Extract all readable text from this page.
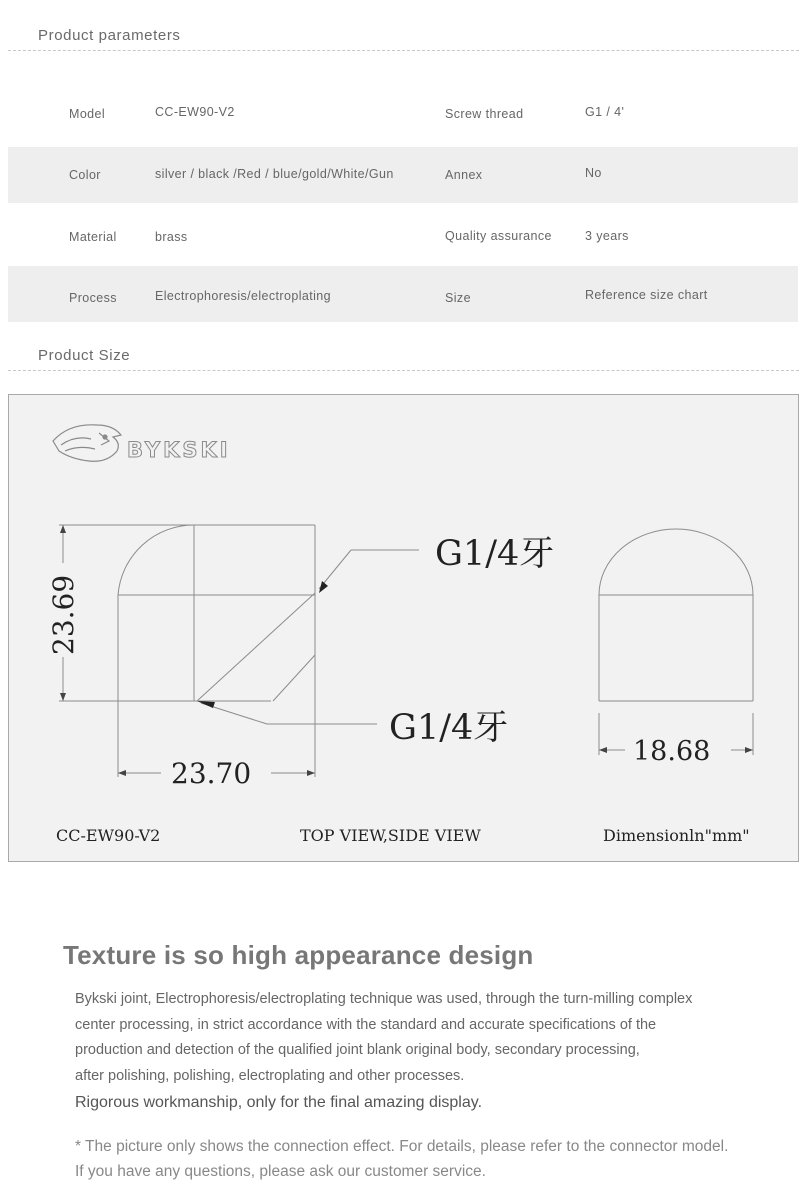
Product parameters
Model	CC-EW90-V2	Screw thread	G1 / 4'
Color	silver / black /Red / blue/gold/White/Gun	Annex	No
Material	brass	Quality assurance	3 years
Process	Electrophoresis/electroplating	Size	Reference size chart
Product Size
BYKSKI
23.69
23.70
G1/4牙
G1/4牙
18.68
CC-EW90-V2	TOP VIEW,SIDE VIEW	Dimensionln"mm"
Texture is so high appearance design

Bykski joint, Electrophoresis/electroplating technique was used, through the turn-milling complex

center processing, in strict accordance with the standard and accurate specifications of the

production and detection of the qualified joint blank original body, secondary processing,

after polishing, polishing, electroplating and other processes.

Rigorous workmanship, only for the final amazing display.

* The picture only shows the connection effect. For details, please refer to the connector model.

If you have any questions, please ask our customer service.
